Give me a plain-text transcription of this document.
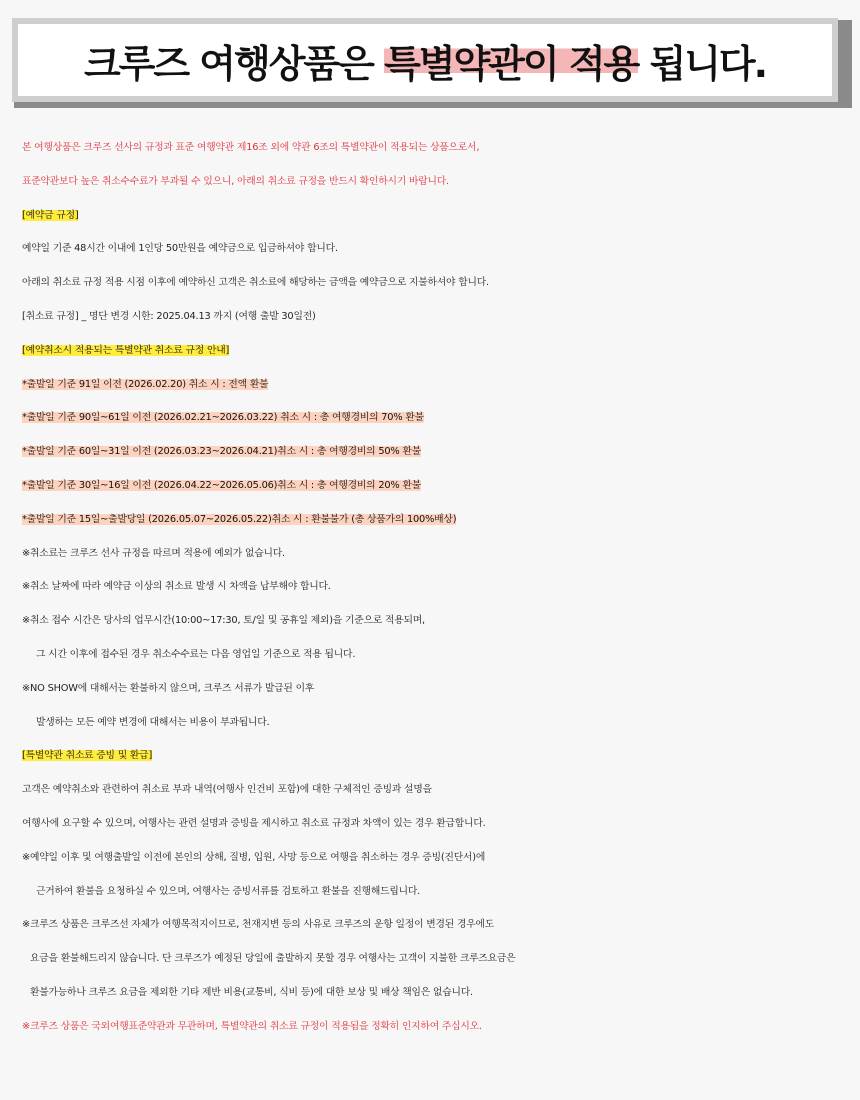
크루즈 여행상품은 특별약관이 적용 됩니다.
본 여행상품은 크루즈 선사의 규정과 표준 여행약관 제16조 외에 약관 6조의 특별약관이 적용되는 상품으로서,
표준약관보다 높은 취소수수료가 부과될 수 있으니, 아래의 취소료 규정을 반드시 확인하시기 바랍니다.
[예약금 규정]
예약일 기준 48시간 이내에 1인당 50만원을 예약금으로 입금하셔야 합니다.
아래의 취소료 규정 적용 시점 이후에 예약하신 고객은 취소료에 해당하는 금액을 예약금으로 지불하셔야 합니다.
[취소료 규정] _ 명단 변경 시한: 2025.04.13 까지 (여행 출발 30일전)
[예약취소시 적용되는 특별약관 취소료 규정 안내]
*출발일 기준 91일 이전 (2026.02.20) 취소 시 : 전액 환불
*출발일 기준 90일~61일 이전 (2026.02.21~2026.03.22) 취소 시 : 총 여행경비의 70% 환불
*출발일 기준 60일~31일 이전 (2026.03.23~2026.04.21)취소 시 : 총 여행경비의 50% 환불
*출발일 기준 30일~16일 이전 (2026.04.22~2026.05.06)취소 시 : 총 여행경비의 20% 환불
*출발일 기준 15일~출발당일 (2026.05.07~2026.05.22)취소 시 : 환불불가 (총 상품가의 100%배상)
※취소료는 크루즈 선사 규정을 따르며 적용에 예외가 없습니다.
※취소 날짜에 따라 예약금 이상의 취소료 발생 시 차액을 납부해야 합니다.
※취소 접수 시간은 당사의 업무시간(10:00~17:30, 토/일 및 공휴일 제외)을 기준으로 적용되며,
그 시간 이후에 접수된 경우 취소수수료는 다음 영업일 기준으로 적용 됩니다.
※NO SHOW에 대해서는 환불하지 않으며, 크루즈 서류가 발급된 이후
발생하는 모든 예약 변경에 대해서는 비용이 부과됩니다.
[특별약관 취소료 증빙 및 환급]
고객은 예약취소와 관련하여 취소료 부과 내역(여행사 인건비 포함)에 대한 구체적인 증빙과 설명을
여행사에 요구할 수 있으며, 여행사는 관련 설명과 증빙을 제시하고 취소료 규정과 차액이 있는 경우 환급합니다.
※예약일 이후 및 여행출발일 이전에 본인의 상해, 질병, 입원, 사망 등으로 여행을 취소하는 경우 증빙(진단서)에
근거하여 환불을 요청하실 수 있으며, 여행사는 증빙서류를 검토하고 환불을 진행해드립니다.
※크루즈 상품은 크루즈선 자체가 여행목적지이므로, 천재지변 등의 사유로 크루즈의 운항 일정이 변경된 경우에도
요금을 환불해드리지 않습니다. 단 크루즈가 예정된 당일에 출발하지 못할 경우 여행사는 고객이 지불한 크루즈요금은
환불가능하나 크루즈 요금을 제외한 기타 제반 비용(교통비, 식비 등)에 대한 보상 및 배상 책임은 없습니다.
※크루즈 상품은 국외여행표준약관과 무관하며, 특별약관의 취소료 규정이 적용됨을 정확히 인지하여 주십시오.
